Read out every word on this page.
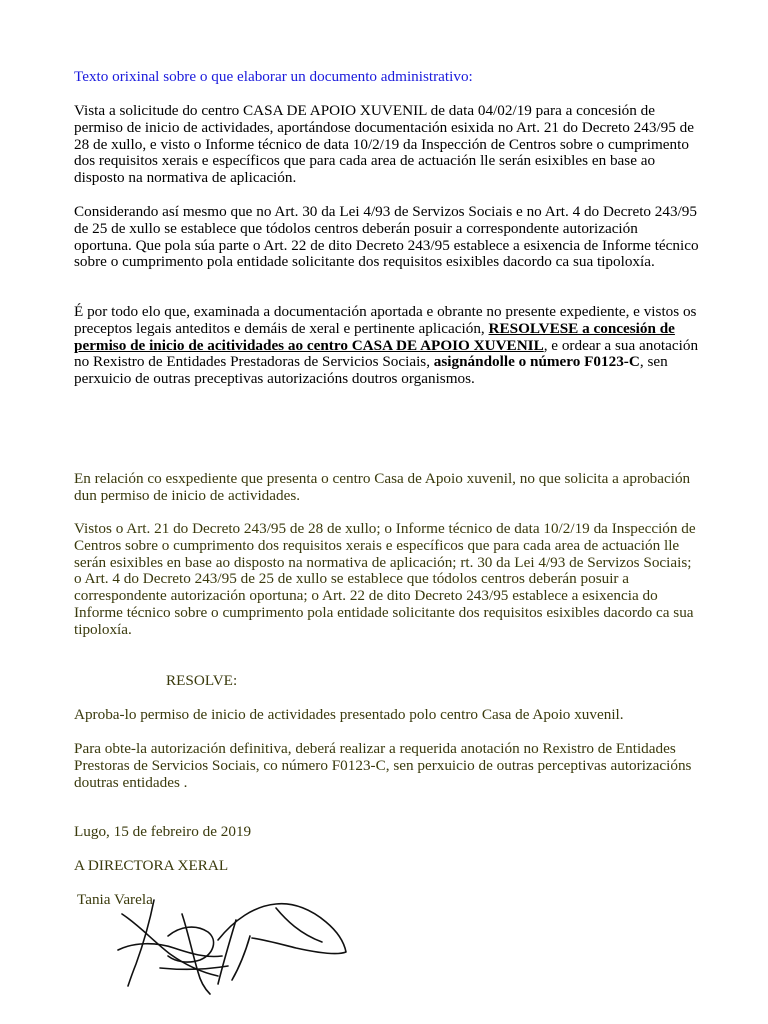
Texto orixinal sobre o que elaborar un documento administrativo:

Vista a solicitude do centro CASA DE APOIO XUVENIL de data 04/02/19 para a concesión de permiso de inicio de actividades, aportándose documentación esixida no Art. 21 do Decreto 243/95 de 28 de xullo, e visto o Informe técnico de data 10/2/19 da Inspección de Centros sobre o cumprimento dos requisitos xerais e específicos que para cada area de actuación lle serán esixibles en base ao disposto na normativa de aplicación.

Considerando así mesmo que no Art. 30 da Lei 4/93 de Servizos Sociais e no Art. 4 do Decreto 243/95 de 25 de xullo se establece que tódolos centros deberán posuir a correspondente autorización oportuna. Que pola súa parte o Art. 22 de dito Decreto 243/95 establece a esixencia de Informe técnico sobre o cumprimento pola entidade solicitante dos requisitos esixibles dacordo ca sua tipoloxía.

É por todo elo que, examinada a documentación aportada e obrante no presente expediente, e vistos os preceptos legais anteditos e demáis de xeral e pertinente aplicación, RESOLVESE a concesión de permiso de inicio de acitividades ao centro CASA DE APOIO XUVENIL, e ordear a sua anotación no Rexistro de Entidades Prestadoras de Servicios Sociais, asignándolle o número F0123-C, sen perxuicio de outras preceptivas autorizacións doutros organismos.

En relación co esxpediente que presenta o centro Casa de Apoio xuvenil, no que solicita a aprobación dun permiso de inicio de actividades.

Vistos o Art. 21 do Decreto 243/95 de 28 de xullo; o Informe técnico de data 10/2/19 da Inspección de Centros sobre o cumprimento dos requisitos xerais e específicos que para cada area de actuación lle serán esixibles en base ao disposto na normativa de aplicación; rt. 30 da Lei 4/93 de Servizos Sociais; o Art. 4 do Decreto 243/95 de 25 de xullo se establece que tódolos centros deberán posuir a correspondente autorización oportuna; o Art. 22 de dito Decreto 243/95 establece a esixencia do Informe técnico sobre o cumprimento pola entidade solicitante dos requisitos esixibles dacordo ca sua tipoloxía.

RESOLVE:

Aproba-lo permiso de inicio de actividades presentado polo centro Casa de Apoio xuvenil.

Para obte-la autorización definitiva, deberá realizar a requerida anotación no Rexistro de Entidades Prestoras de Servicios Sociais, co número F0123-C, sen perxuicio de outras perceptivas autorizacións doutras entidades .

Lugo, 15 de febreiro de 2019

A DIRECTORA XERAL

Tania Varela
